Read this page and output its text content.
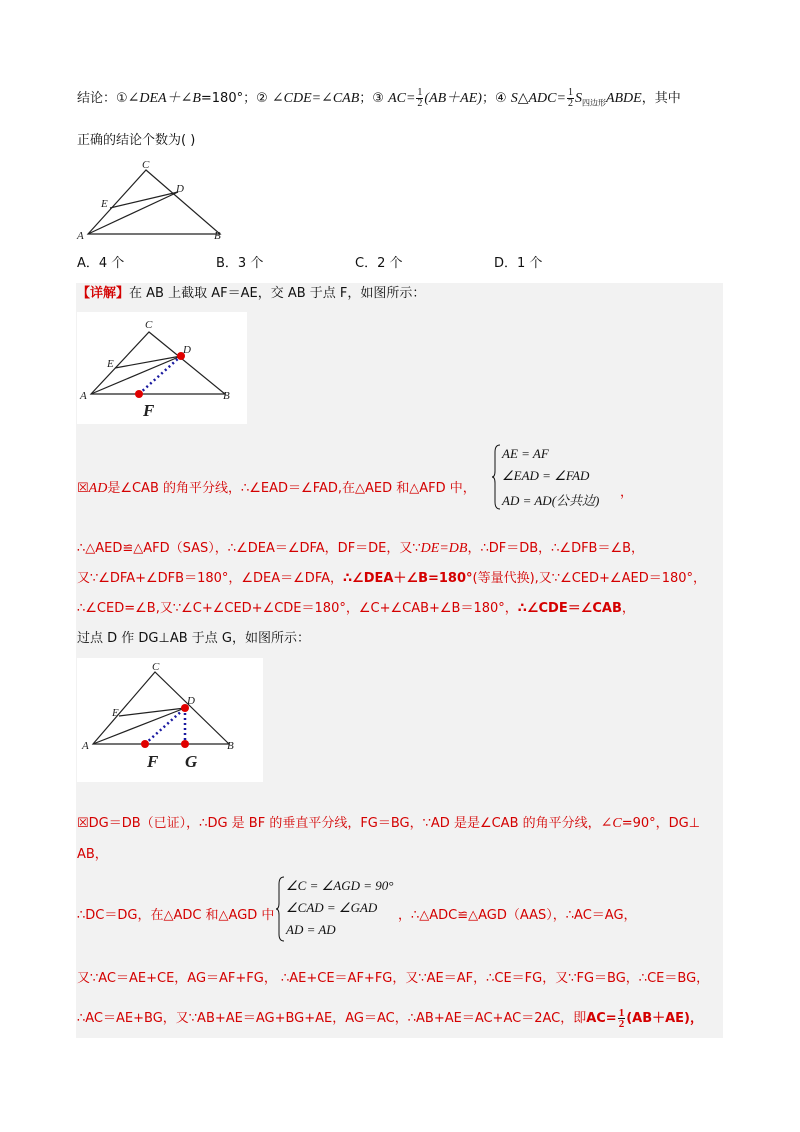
结论：①∠DEA＋∠B=180°；② ∠CDE=∠CAB；③ $AC= \frac{1}{2} (AB+AE)$；④ S△ADC= $\frac{1}{2}$ $S_{四边形}ABDE$，其中
正确的结论个数为( )
C
D
E
A	B
A．4 个	B．3 个	C．2 个	D．1 个
【详解】在 AB 上截取 AF＝AE，交 AB 于点 F，如图所示：
C
D
E
A	B
F
☒AD是∠CAB 的角平分线，∴∠EAD＝∠FAD,在△AED 和△AFD 中，
AE = AF
∠EAD = ∠FAD
AD = AD(公共边)
，
∴△AED≌△AFD（SAS），∴∠DEA＝∠DFA，DF＝DE，又∵DE=DB，∴DF＝DB，∴∠DFB＝∠B，
又∵∠DFA+∠DFB＝180°，∠DEA＝∠DFA，∴∠DEA＋∠B=180°(等量代换),又∵∠CED+∠AED＝180°，
∴∠CED=∠B,又∵∠C+∠CED+∠CDE＝180°，∠C+∠CAB+∠B＝180°，∴∠CDE＝∠CAB，
过点 D 作 DG⊥AB 于点 G，如图所示：
C
D
E
A	B
F G
☒DG＝DB（已证），∴DG 是 BF 的垂直平分线，FG＝BG，∵AD 是是∠CAB 的角平分线，∠C=90°，DG⊥
AB，
∴DC＝DG，在△ADC 和△AGD 中
∠C = ∠AGD = 90°
∠CAD = ∠GAD
AD = AD
，∴△ADC≌△AGD（AAS），∴AC＝AG，
又∵AC＝AE+CE，AG＝AF+FG， ∴AE+CE＝AF+FG，又∵AE＝AF，∴CE＝FG，又∵FG＝BG，∴CE＝BG，
∴AC＝AE+BG，又∵AB+AE＝AG+BG+AE，AG＝AC，∴AB+AE＝AC+AC＝2AC，即$AC= \frac{1}{2} (AB+AE)$，
